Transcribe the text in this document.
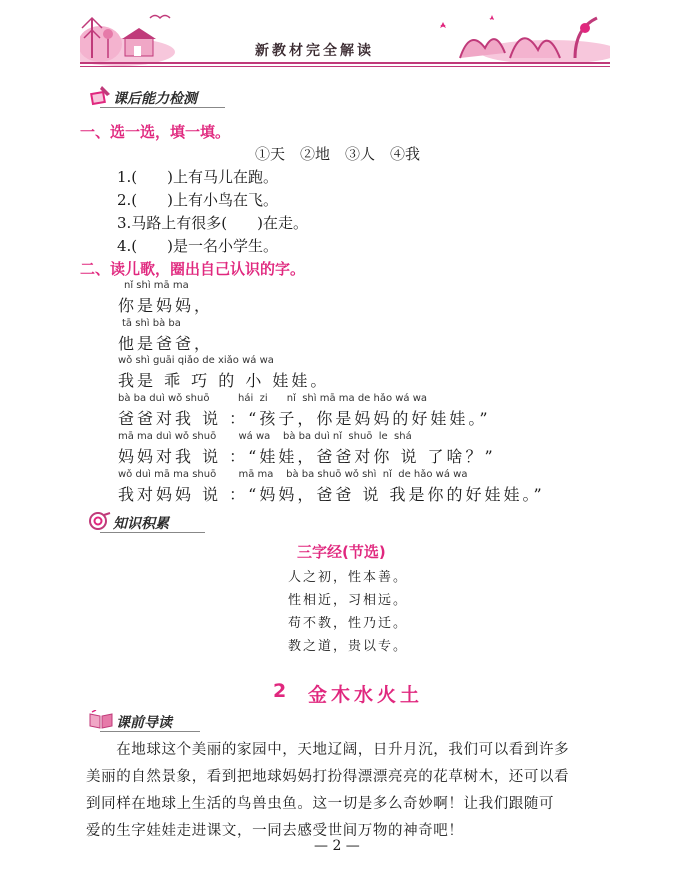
新教材完全解读
课后能力检测
一、选一选，填一填。
①天　②地　③人　④我
1.(　　)上有马儿在跑。
2.(　　)上有小鸟在飞。
3.马路上有很多(　　)在走。
4.(　　)是一名小学生。
二、读儿歌，圈出自己认识的字。
nǐ shì mā ma
你是妈妈，
tā shì bà ba
他是爸爸，
wǒ shì guāi qiǎo de xiǎo wá wa
我是 乖 巧 的 小 娃娃。
bà ba duì wǒ shuō         hái  zi      nǐ  shì mā ma de hǎo wá wa
爸爸对我 说 ：“孩子，你是妈妈的好娃娃。”
mā ma duì wǒ shuō       wá wa    bà ba duì nǐ  shuō  le  shá
妈妈对我 说 ：“娃娃，爸爸对你 说 了啥？”
wǒ duì mā ma shuō       mā ma    bà ba shuō wǒ shì  nǐ  de hǎo wá wa
我对妈妈 说 ：“妈妈，爸爸 说 我是你的好娃娃。”
知识积累
三字经(节选)
人之初，性本善。
性相近，习相远。
苟不教，性乃迁。
教之道，贵以专。
2 金木水火土
课前导读
　　在地球这个美丽的家园中，天地辽阔，日升月沉，我们可以看到许多
美丽的自然景象，看到把地球妈妈打扮得漂漂亮亮的花草树木，还可以看
到同样在地球上生活的鸟兽虫鱼。这一切是多么奇妙啊！让我们跟随可
爱的生字娃娃走进课文，一同去感受世间万物的神奇吧！
— 2 —
